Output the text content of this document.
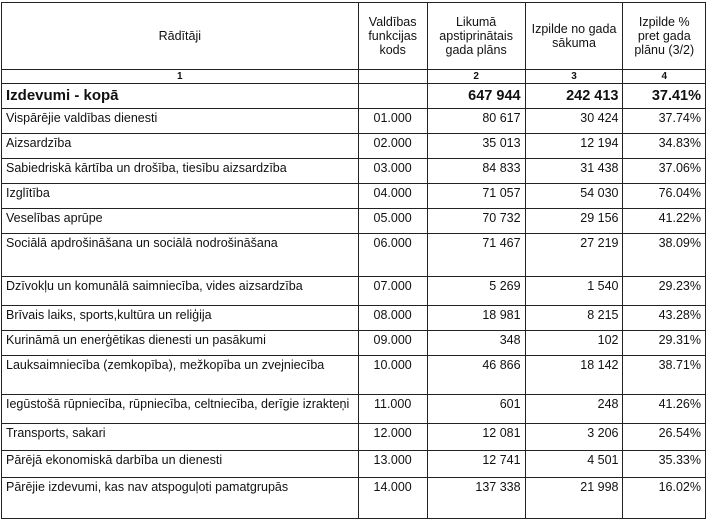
Rādītāji	Valdības funkcijas kods	Likumā apstiprinātais gada plāns	Izpilde no gada sākuma	Izpilde % pret gada plānu (3/2)
1		2	3	4
Izdevumi - kopā		647 944	242 413	37.41%
Vispārējie valdības dienesti	01.000	80 617	30 424	37.74%
Aizsardzība	02.000	35 013	12 194	34.83%
Sabiedriskā kārtība un drošība, tiesību aizsardzība	03.000	84 833	31 438	37.06%
Izglītība	04.000	71 057	54 030	76.04%
Veselības aprūpe	05.000	70 732	29 156	41.22%
Sociālā apdrošināšana un sociālā nodrošināšana	06.000	71 467	27 219	38.09%
Dzīvokļu un komunālā saimniecība, vides aizsardzība	07.000	5 269	1 540	29.23%
Brīvais laiks, sports,kultūra un reliģija	08.000	18 981	8 215	43.28%
Kurināmā un enerģētikas dienesti un pasākumi	09.000	348	102	29.31%
Lauksaimniecība (zemkopība), mežkopība un zvejniecība	10.000	46 866	18 142	38.71%
Iegūstošā rūpniecība, rūpniecība, celtniecība, derīgie izrakteņi	11.000	601	248	41.26%
Transports, sakari	12.000	12 081	3 206	26.54%
Pārējā ekonomiskā darbība un dienesti	13.000	12 741	4 501	35.33%
Pārējie izdevumi, kas nav atspoguļoti pamatgrupās	14.000	137 338	21 998	16.02%
